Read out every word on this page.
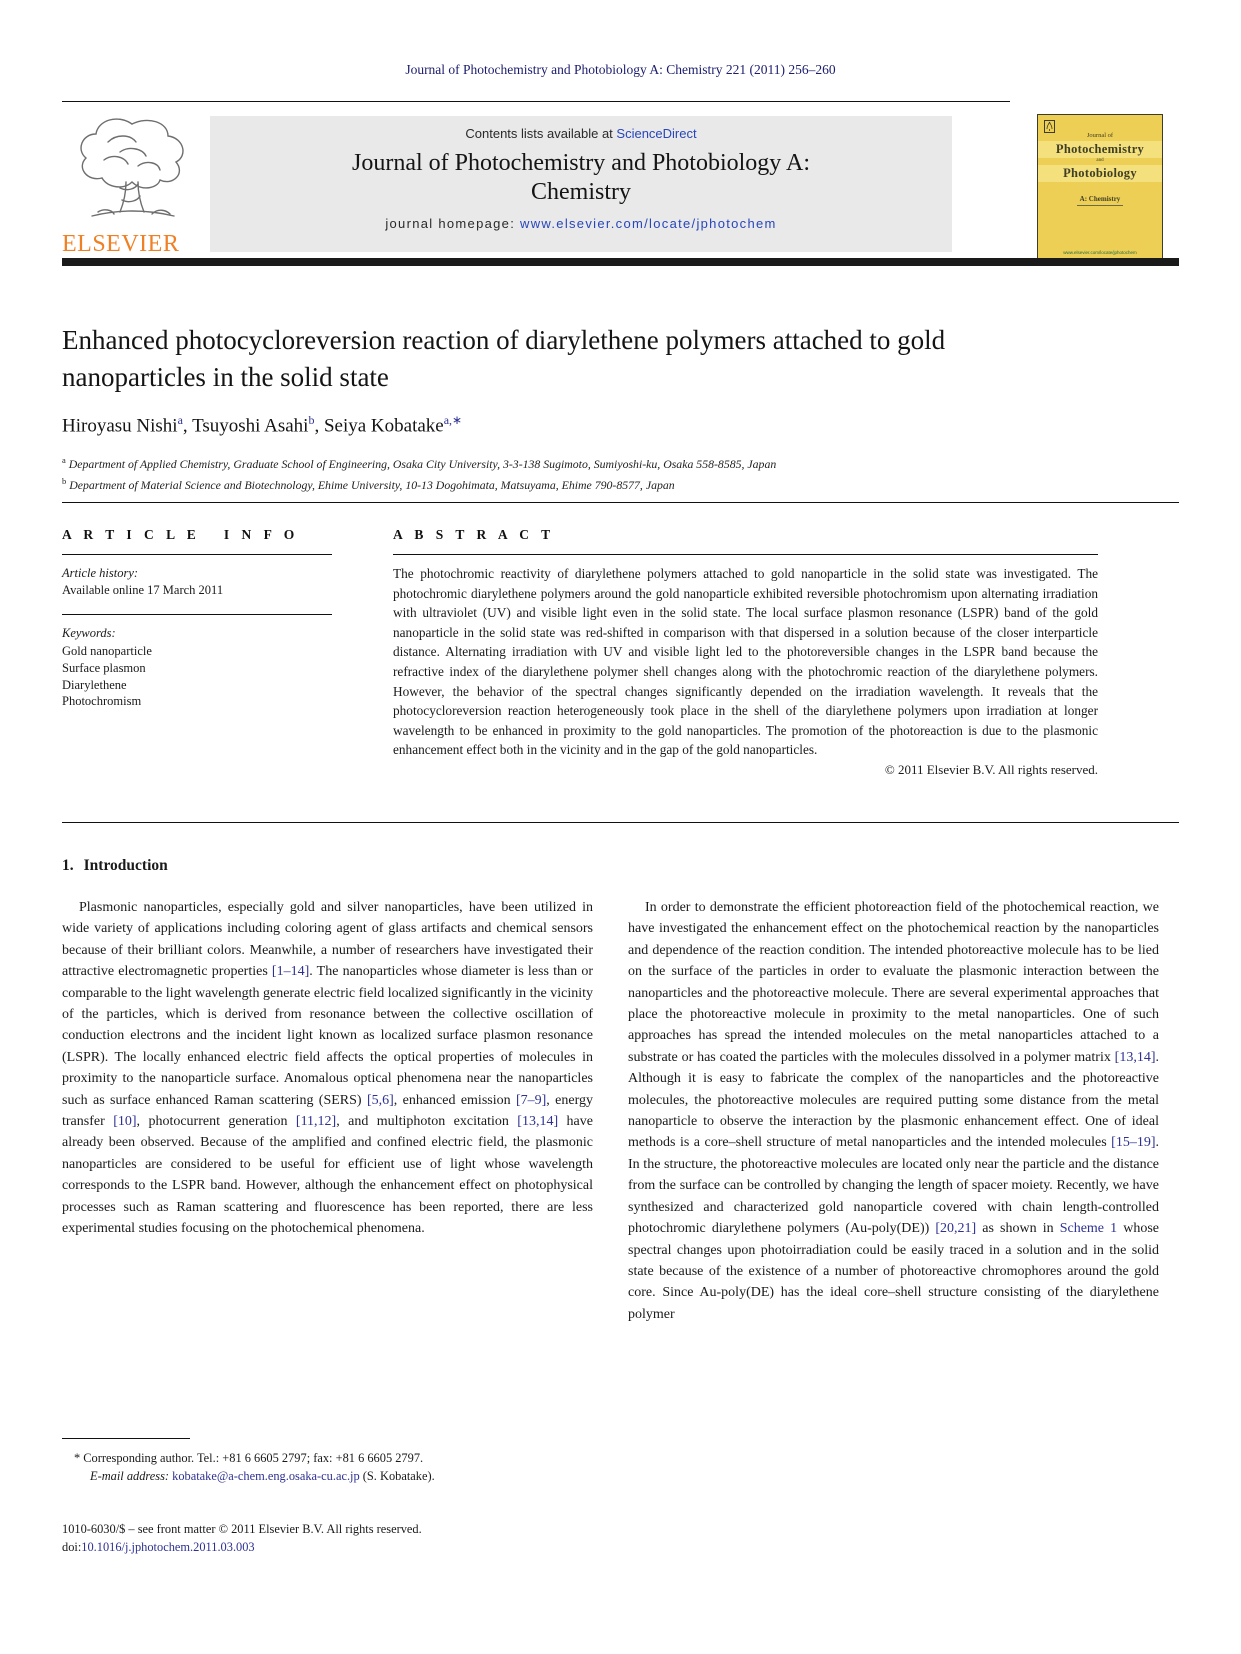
Journal of Photochemistry and Photobiology A: Chemistry 221 (2011) 256–260
ELSEVIER
Contents lists available at ScienceDirect
Journal of Photochemistry and Photobiology A:
Chemistry
journal homepage: www.elsevier.com/locate/jphotochem
Journal of
Photochemistry
and
Photobiology
A: Chemistry
www.elsevier.com/locate/jphotochem
Enhanced photocycloreversion reaction of diarylethene polymers attached to gold nanoparticles in the solid state
Hiroyasu Nishi$^a$, Tsuyoshi Asahi$^b$, Seiya Kobatake$^{a,∗}$
$^a$ Department of Applied Chemistry, Graduate School of Engineering, Osaka City University, 3-3-138 Sugimoto, Sumiyoshi-ku, Osaka 558-8585, Japan
$^b$ Department of Material Science and Biotechnology, Ehime University, 10-13 Dogohimata, Matsuyama, Ehime 790-8577, Japan
A R T I C L E I N F O
Article history:
Available online 17 March 2011
Keywords:
Gold nanoparticle
Surface plasmon
Diarylethene
Photochromism
A B S T R A C T

The photochromic reactivity of diarylethene polymers attached to gold nanoparticle in the solid state was investigated. The photochromic diarylethene polymers around the gold nanoparticle exhibited reversible photochromism upon alternating irradiation with ultraviolet (UV) and visible light even in the solid state. The local surface plasmon resonance (LSPR) band of the gold nanoparticle in the solid state was red-shifted in comparison with that dispersed in a solution because of the closer interparticle distance. Alternating irradiation with UV and visible light led to the photoreversible changes in the LSPR band because the refractive index of the diarylethene polymer shell changes along with the photochromic reaction of the diarylethene polymers. However, the behavior of the spectral changes significantly depended on the irradiation wavelength. It reveals that the photocycloreversion reaction heterogeneously took place in the shell of the diarylethene polymers upon irradiation at longer wavelength to be enhanced in proximity to the gold nanoparticles. The promotion of the photoreaction is due to the plasmonic enhancement effect both in the vicinity and in the gap of the gold nanoparticles.

© 2011 Elsevier B.V. All rights reserved.
1. Introduction

Plasmonic nanoparticles, especially gold and silver nanoparticles, have been utilized in wide variety of applications including coloring agent of glass artifacts and chemical sensors because of their brilliant colors. Meanwhile, a number of researchers have investigated their attractive electromagnetic properties [1–14]. The nanoparticles whose diameter is less than or comparable to the light wavelength generate electric field localized significantly in the vicinity of the particles, which is derived from resonance between the collective oscillation of conduction electrons and the incident light known as localized surface plasmon resonance (LSPR). The locally enhanced electric field affects the optical properties of molecules in proximity to the nanoparticle surface. Anomalous optical phenomena near the nanoparticles such as surface enhanced Raman scattering (SERS) [5,6], enhanced emission [7–9], energy transfer [10], photocurrent generation [11,12], and multiphoton excitation [13,14] have already been observed. Because of the amplified and confined electric field, the plasmonic nanoparticles are considered to be useful for efficient use of light whose wavelength corresponds to the LSPR band. However, although the enhancement effect on photophysical processes such as Raman scattering and fluorescence has been reported, there are less experimental studies focusing on the photochemical phenomena.

In order to demonstrate the efficient photoreaction field of the photochemical reaction, we have investigated the enhancement effect on the photochemical reaction by the nanoparticles and dependence of the reaction condition. The intended photoreactive molecule has to be lied on the surface of the particles in order to evaluate the plasmonic interaction between the nanoparticles and the photoreactive molecule. There are several experimental approaches that place the photoreactive molecule in proximity to the metal nanoparticles. One of such approaches has spread the intended molecules on the metal nanoparticles attached to a substrate or has coated the particles with the molecules dissolved in a polymer matrix [13,14]. Although it is easy to fabricate the complex of the nanoparticles and the photoreactive molecules, the photoreactive molecules are required putting some distance from the metal nanoparticle to observe the interaction by the plasmonic enhancement effect. One of ideal methods is a core–shell structure of metal nanoparticles and the intended molecules [15–19]. In the structure, the photoreactive molecules are located only near the particle and the distance from the surface can be controlled by changing the length of spacer moiety. Recently, we have synthesized and characterized gold nanoparticle covered with chain length-controlled photochromic diarylethene polymers (Au-poly(DE)) [20,21] as shown in Scheme 1 whose spectral changes upon photoirradiation could be easily traced in a solution and in the solid state because of the existence of a number of photoreactive chromophores around the gold core. Since Au-poly(DE) has the ideal core–shell structure consisting of the diarylethene polymer

* Corresponding author. Tel.: +81 6 6605 2797; fax: +81 6 6605 2797.
E-mail address: kobatake@a-chem.eng.osaka-cu.ac.jp (S. Kobatake).
1010-6030/$ – see front matter © 2011 Elsevier B.V. All rights reserved.
doi:10.1016/j.jphotochem.2011.03.003
